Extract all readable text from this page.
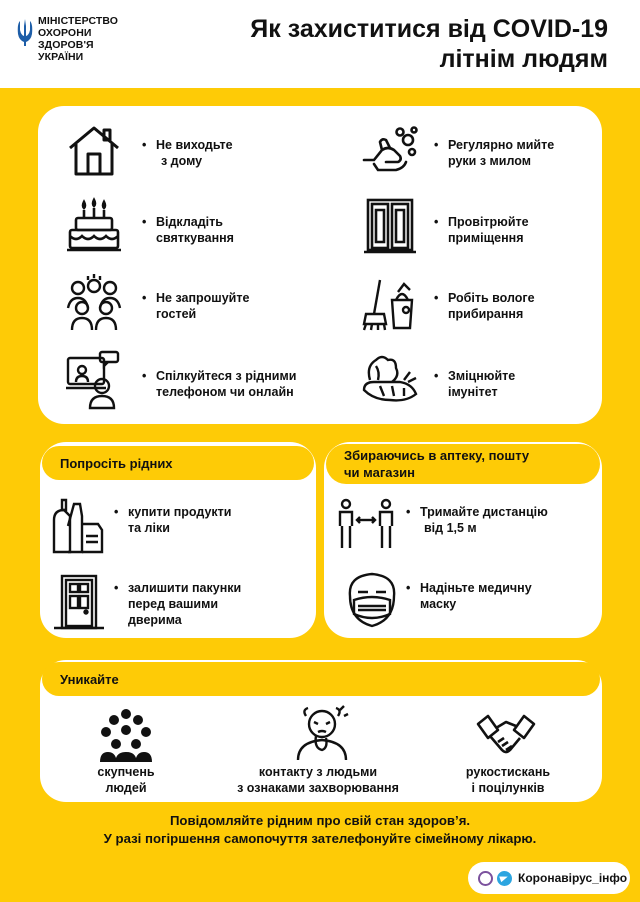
МІНІСТЕРСТВО
ОХОРОНИ
ЗДОРОВ'Я
УКРАЇНИ
Як захиститися від COVID-19
літнім людям
• Не виходьте
з дому
• Регулярно мийте
руки з милом
• Відкладіть
святкування
• Провітрюйте
приміщення
• Не запрошуйте
гостей
• Робіть вологе
прибирання
• Спілкуйтеся з рідними
телефоном чи онлайн
• Зміцнюйте
імунітет
Попросіть рідних
• купити продукти
та ліки
• залишити пакунки
перед вашими
дверима
Збираючись в аптеку, пошту
чи магазин
• Тримайте дистанцію
від 1,5 м
• Надіньте медичну
маску
Уникайте
скупчень
людей
контакту з людьми
з ознаками захворювання
рукостискань
і поцілунків
Повідомляйте рідним про свій стан здоров’я.
У разі погіршення самопочуття зателефонуйте сімейному лікарю.
Коронавірус_інфо
